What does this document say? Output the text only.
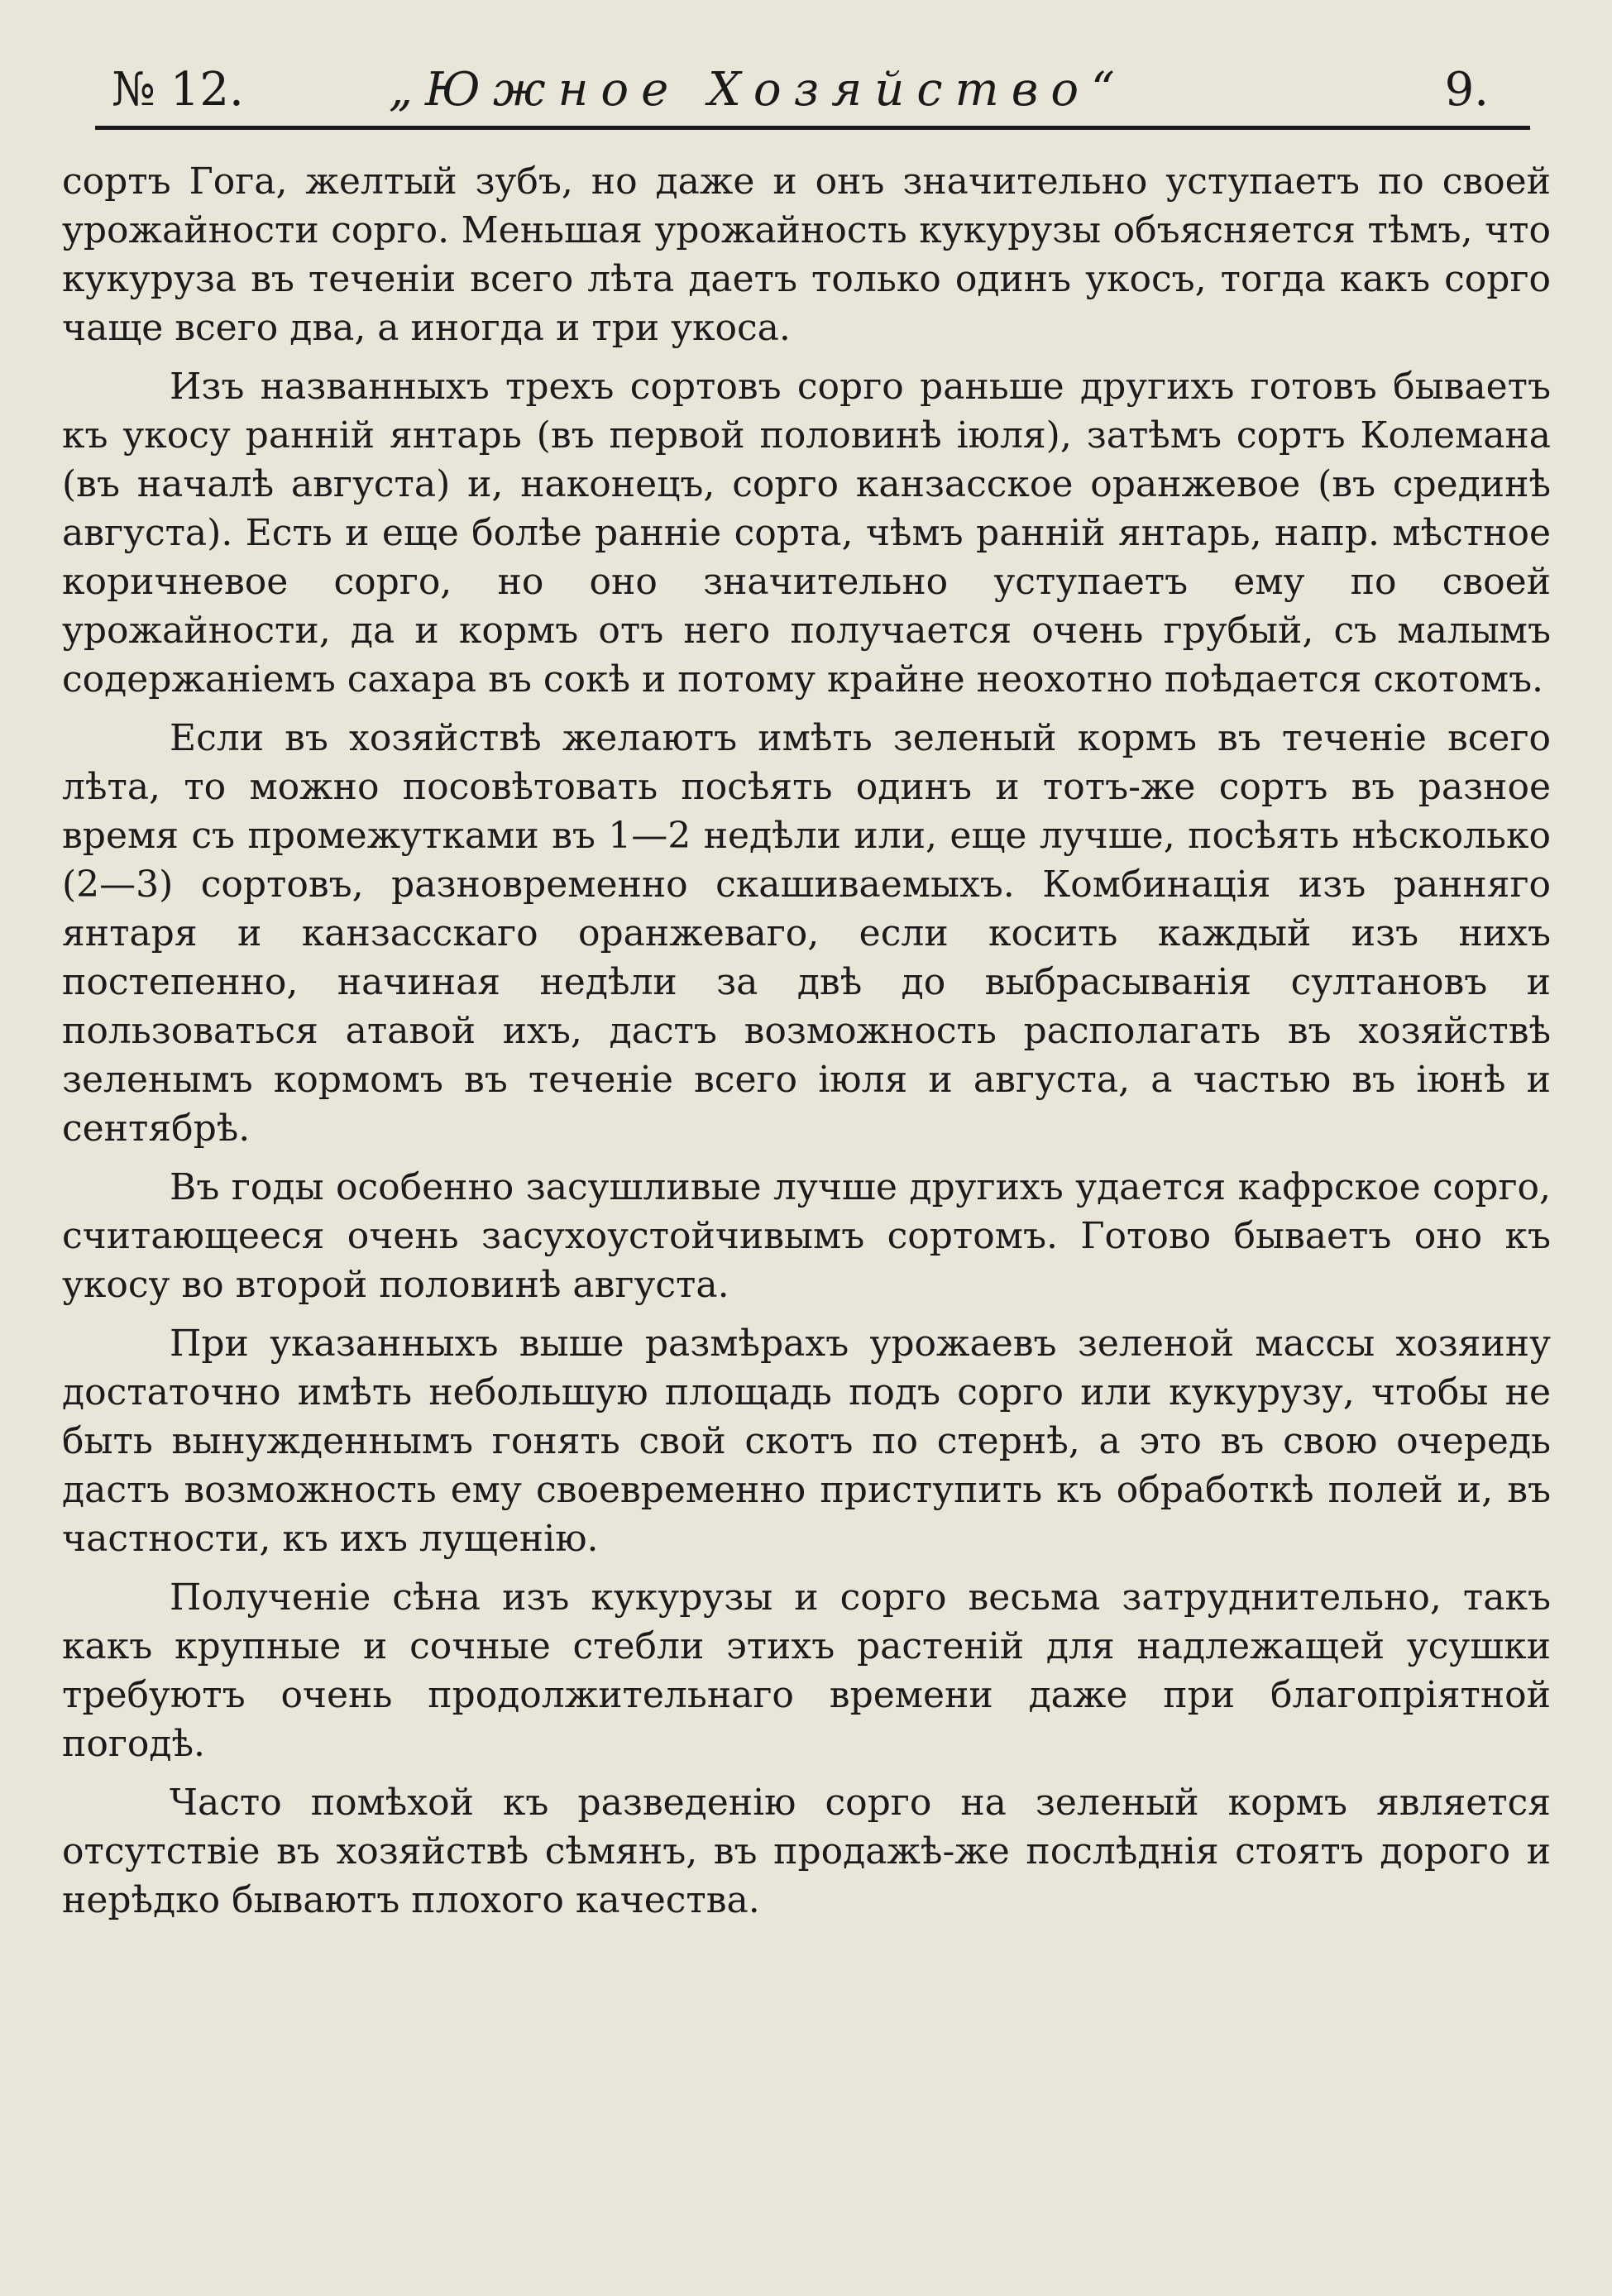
№ 12.	„Южное Хозяйство“	9.

сортъ Гога, желтый зубъ, но даже и онъ значительно уступаетъ по своей урожайности сорго. Меньшая урожайность кукурузы объясняется тѣмъ, что кукуруза въ теченіи всего лѣта даетъ только одинъ укосъ, тогда какъ сорго чаще всего два, а иногда и три укоса.

Изъ названныхъ трехъ сортовъ сорго раньше другихъ готовъ бываетъ къ укосу ранній янтарь (въ первой половинѣ іюля), затѣмъ сортъ Колемана (въ началѣ августа) и, наконецъ, сорго канзасское оранжевое (въ срединѣ августа). Есть и еще болѣе ранніе сорта, чѣмъ ранній янтарь, напр. мѣстное коричневое сорго, но оно значительно уступаетъ ему по своей урожайности, да и кормъ отъ него получается очень грубый, съ малымъ содержаніемъ сахара въ сокѣ и потому крайне неохотно поѣдается скотомъ.

Если въ хозяйствѣ желаютъ имѣть зеленый кормъ въ теченіе всего лѣта, то можно посовѣтовать посѣять одинъ и тотъ-же сортъ въ разное время съ промежутками въ 1—2 недѣли или, еще лучше, посѣять нѣсколько (2—3) сортовъ, разновременно скашиваемыхъ. Комбинація изъ ранняго янтаря и канзасскаго оранжеваго, если косить каждый изъ нихъ постепенно, начиная недѣли за двѣ до выбрасыванія султановъ и пользоваться атавой ихъ, дастъ возможность располагать въ хозяйствѣ зеленымъ кормомъ въ теченіе всего іюля и августа, а частью въ іюнѣ и сентябрѣ.

Въ годы особенно засушливые лучше другихъ удается кафрское сорго, считающееся очень засухоустойчивымъ сортомъ. Готово бываетъ оно къ укосу во второй половинѣ августа.

При указанныхъ выше размѣрахъ урожаевъ зеленой массы хозяину достаточно имѣть небольшую площадь подъ сорго или кукурузу, чтобы не быть вынужденнымъ гонять свой скотъ по стернѣ, а это въ свою очередь дастъ возможность ему своевременно приступить къ обработкѣ полей и, въ частности, къ ихъ лущенію.

Полученіе сѣна изъ кукурузы и сорго весьма затруднительно, такъ какъ крупные и сочные стебли этихъ растеній для надлежащей усушки требуютъ очень продолжительнаго времени даже при благопріятной погодѣ.

Часто помѣхой къ разведенію сорго на зеленый кормъ является отсутствіе въ хозяйствѣ сѣмянъ, въ продажѣ-же послѣднія стоятъ дорого и нерѣдко бываютъ плохого качества.
